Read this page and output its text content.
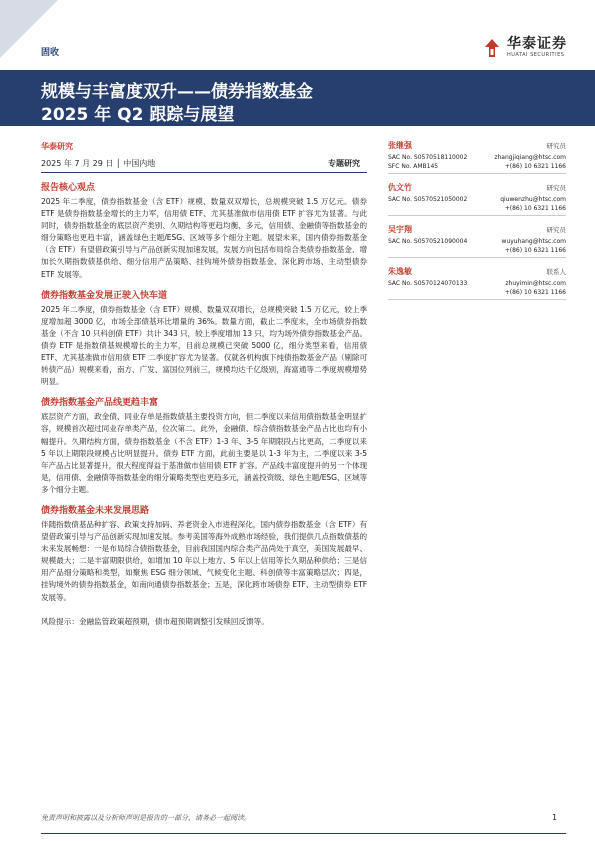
固收
华泰证券
HUATAI SECURITIES
规模与丰富度双升——债券指数基金
2025 年 Q2 跟踪与展望
华泰研究
2025 年 7 月 29 日 │ 中国内地	专题研究
报告核心观点
2025 年二季度，债券指数基金（含 ETF）规模、数量双双增长，总规模突破 1.5 万亿元。债券 ETF 是债券指数基金增长的主力军，信用债 ETF、尤其基准做市信用债 ETF 扩容尤为显著。与此同时，债券指数基金的底层资产类别、久期结构等更趋均衡、多元，信用债、金融债等指数基金的细分策略也更趋丰富，涵盖绿色主题/ESG、区域等多个细分主题。展望未来，国内债券指数基金（含 ETF）有望借政策引导与产品创新实现加速发展，发展方向包括布局综合类债券指数基金、增加长久期指数债基供给、细分信用产品策略、挂钩境外债券指数基金、深化跨市场、主动型债券 ETF 发展等。
债券指数基金发展正驶入快车道
2025 年二季度，债券指数基金（含 ETF）规模、数量双双增长，总规模突破 1.5 万亿元，较上季度增加超 3000 亿，市场全部债基环比增量的 36%。数量方面，截止二季度末，全市场债券指数基金（不含 10 只科创债 ETF）共计 343 只，较上季度增加 13 只，均为场外债券指数基金产品。债券 ETF 是指数债基规模增长的主力军，目前总规模已突破 5000 亿，细分类型来看，信用债 ETF、尤其基准做市信用债 ETF 二季度扩容尤为显著。仅就各机构旗下纯债指数基金产品（剔除可转债产品）规模来看，南方、广发、富国位列前三，规模均达千亿级别，海富通等二季度规模增势明显。
债券指数基金产品线更趋丰富
底层资产方面，政金债、同业存单是指数债基主要投资方向，但二季度以来信用债指数基金明显扩容，规模首次超过同业存单类产品，位次第二。此外，金融债、综合债指数基金产品占比也均有小幅提升。久期结构方面，债券指数基金（不含 ETF）1-3 年、3-5 年期限段占比更高，二季度以来 5 年以上期限段规模占比明显提升。债券 ETF 方面，此前主要是以 1-3 年为主，二季度以来 3-5 年产品占比显著提升，很大程度得益于基准做市信用债 ETF 扩容。产品线丰富度提升的另一个体现是，信用债、金融债等指数基金的细分策略类型也更趋多元，涵盖投资级、绿色主题/ESG、区域等多个细分主题。
债券指数基金未来发展思路
伴随指数债基品种扩容、政策支持加码、养老资金入市进程深化，国内债券指数基金（含 ETF）有望借政策引导与产品创新实现加速发展。参考美国等海外成熟市场经验，我们提供几点指数债基的未来发展畅想：一是布局综合债指数基金，目前我国国内综合类产品尚处于真空，美国发展最早、规模最大；二是丰富期限供给，如增加 10 年以上地方、5 年以上信用等长久期品种供给；三是信用产品细分策略和类型，如聚焦 ESG 细分领域、气候变化主题、科创债等丰富策略层次；四是，挂钩境外的债券指数基金，如南向通债券指数基金；五是，深化跨市场债券 ETF、主动型债券 ETF 发展等。
风险提示：金融监管政策超预期，债市超预期调整引发赎回反馈等。
张继强	研究员
SAC No. S0570518110002	zhangjiqiang@htsc.com
SFC No. AMB145	+(86) 10 6321 1166
仇文竹	研究员
SAC No. S0570521050002	qiuwenzhu@htsc.com
+(86) 10 6321 1166
吴宇翔	研究员
SAC No. S0570521090004	wuyuhang@htsc.com
+(86) 10 6321 1166
朱逸敏	联系人
SAC No. S0570124070133	zhuyimin@htsc.com
+(86) 10 6321 1166
免责声明和披露以及分析师声明是报告的一部分，请务必一起阅读。	1
